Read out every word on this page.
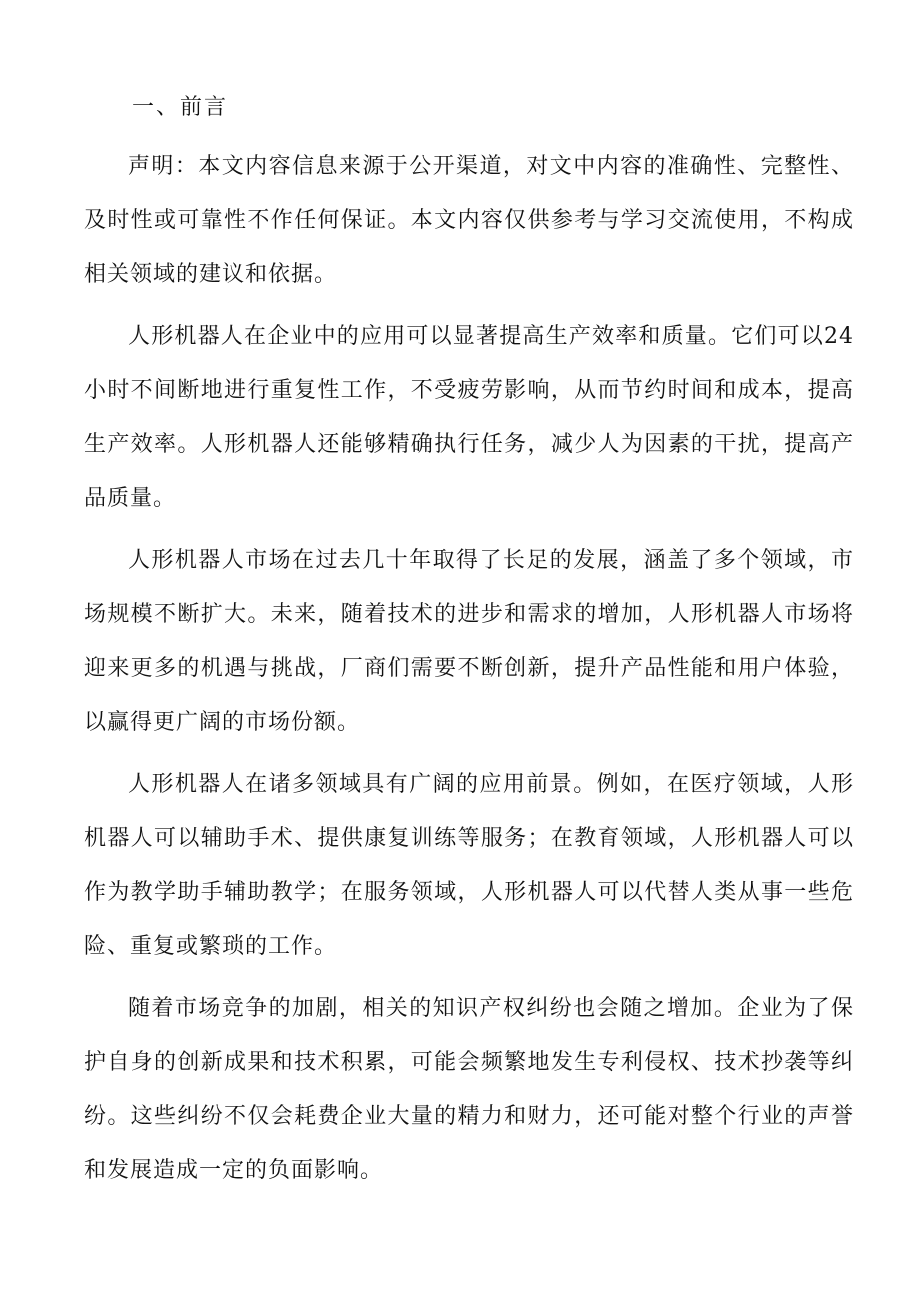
一、前言

声明：本文内容信息来源于公开渠道，对文中内容的准确性、完整性、及时性或可靠性不作任何保证。本文内容仅供参考与学习交流使用，不构成相关领域的建议和依据。

人形机器人在企业中的应用可以显著提高生产效率和质量。它们可以24小时不间断地进行重复性工作，不受疲劳影响，从而节约时间和成本，提高生产效率。人形机器人还能够精确执行任务，减少人为因素的干扰，提高产品质量。

人形机器人市场在过去几十年取得了长足的发展，涵盖了多个领域，市场规模不断扩大。未来，随着技术的进步和需求的增加，人形机器人市场将迎来更多的机遇与挑战，厂商们需要不断创新，提升产品性能和用户体验，以赢得更广阔的市场份额。

人形机器人在诸多领域具有广阔的应用前景。例如，在医疗领域，人形机器人可以辅助手术、提供康复训练等服务；在教育领域，人形机器人可以作为教学助手辅助教学；在服务领域，人形机器人可以代替人类从事一些危险、重复或繁琐的工作。

随着市场竞争的加剧，相关的知识产权纠纷也会随之增加。企业为了保护自身的创新成果和技术积累，可能会频繁地发生专利侵权、技术抄袭等纠纷。这些纠纷不仅会耗费企业大量的精力和财力，还可能对整个行业的声誉和发展造成一定的负面影响。
